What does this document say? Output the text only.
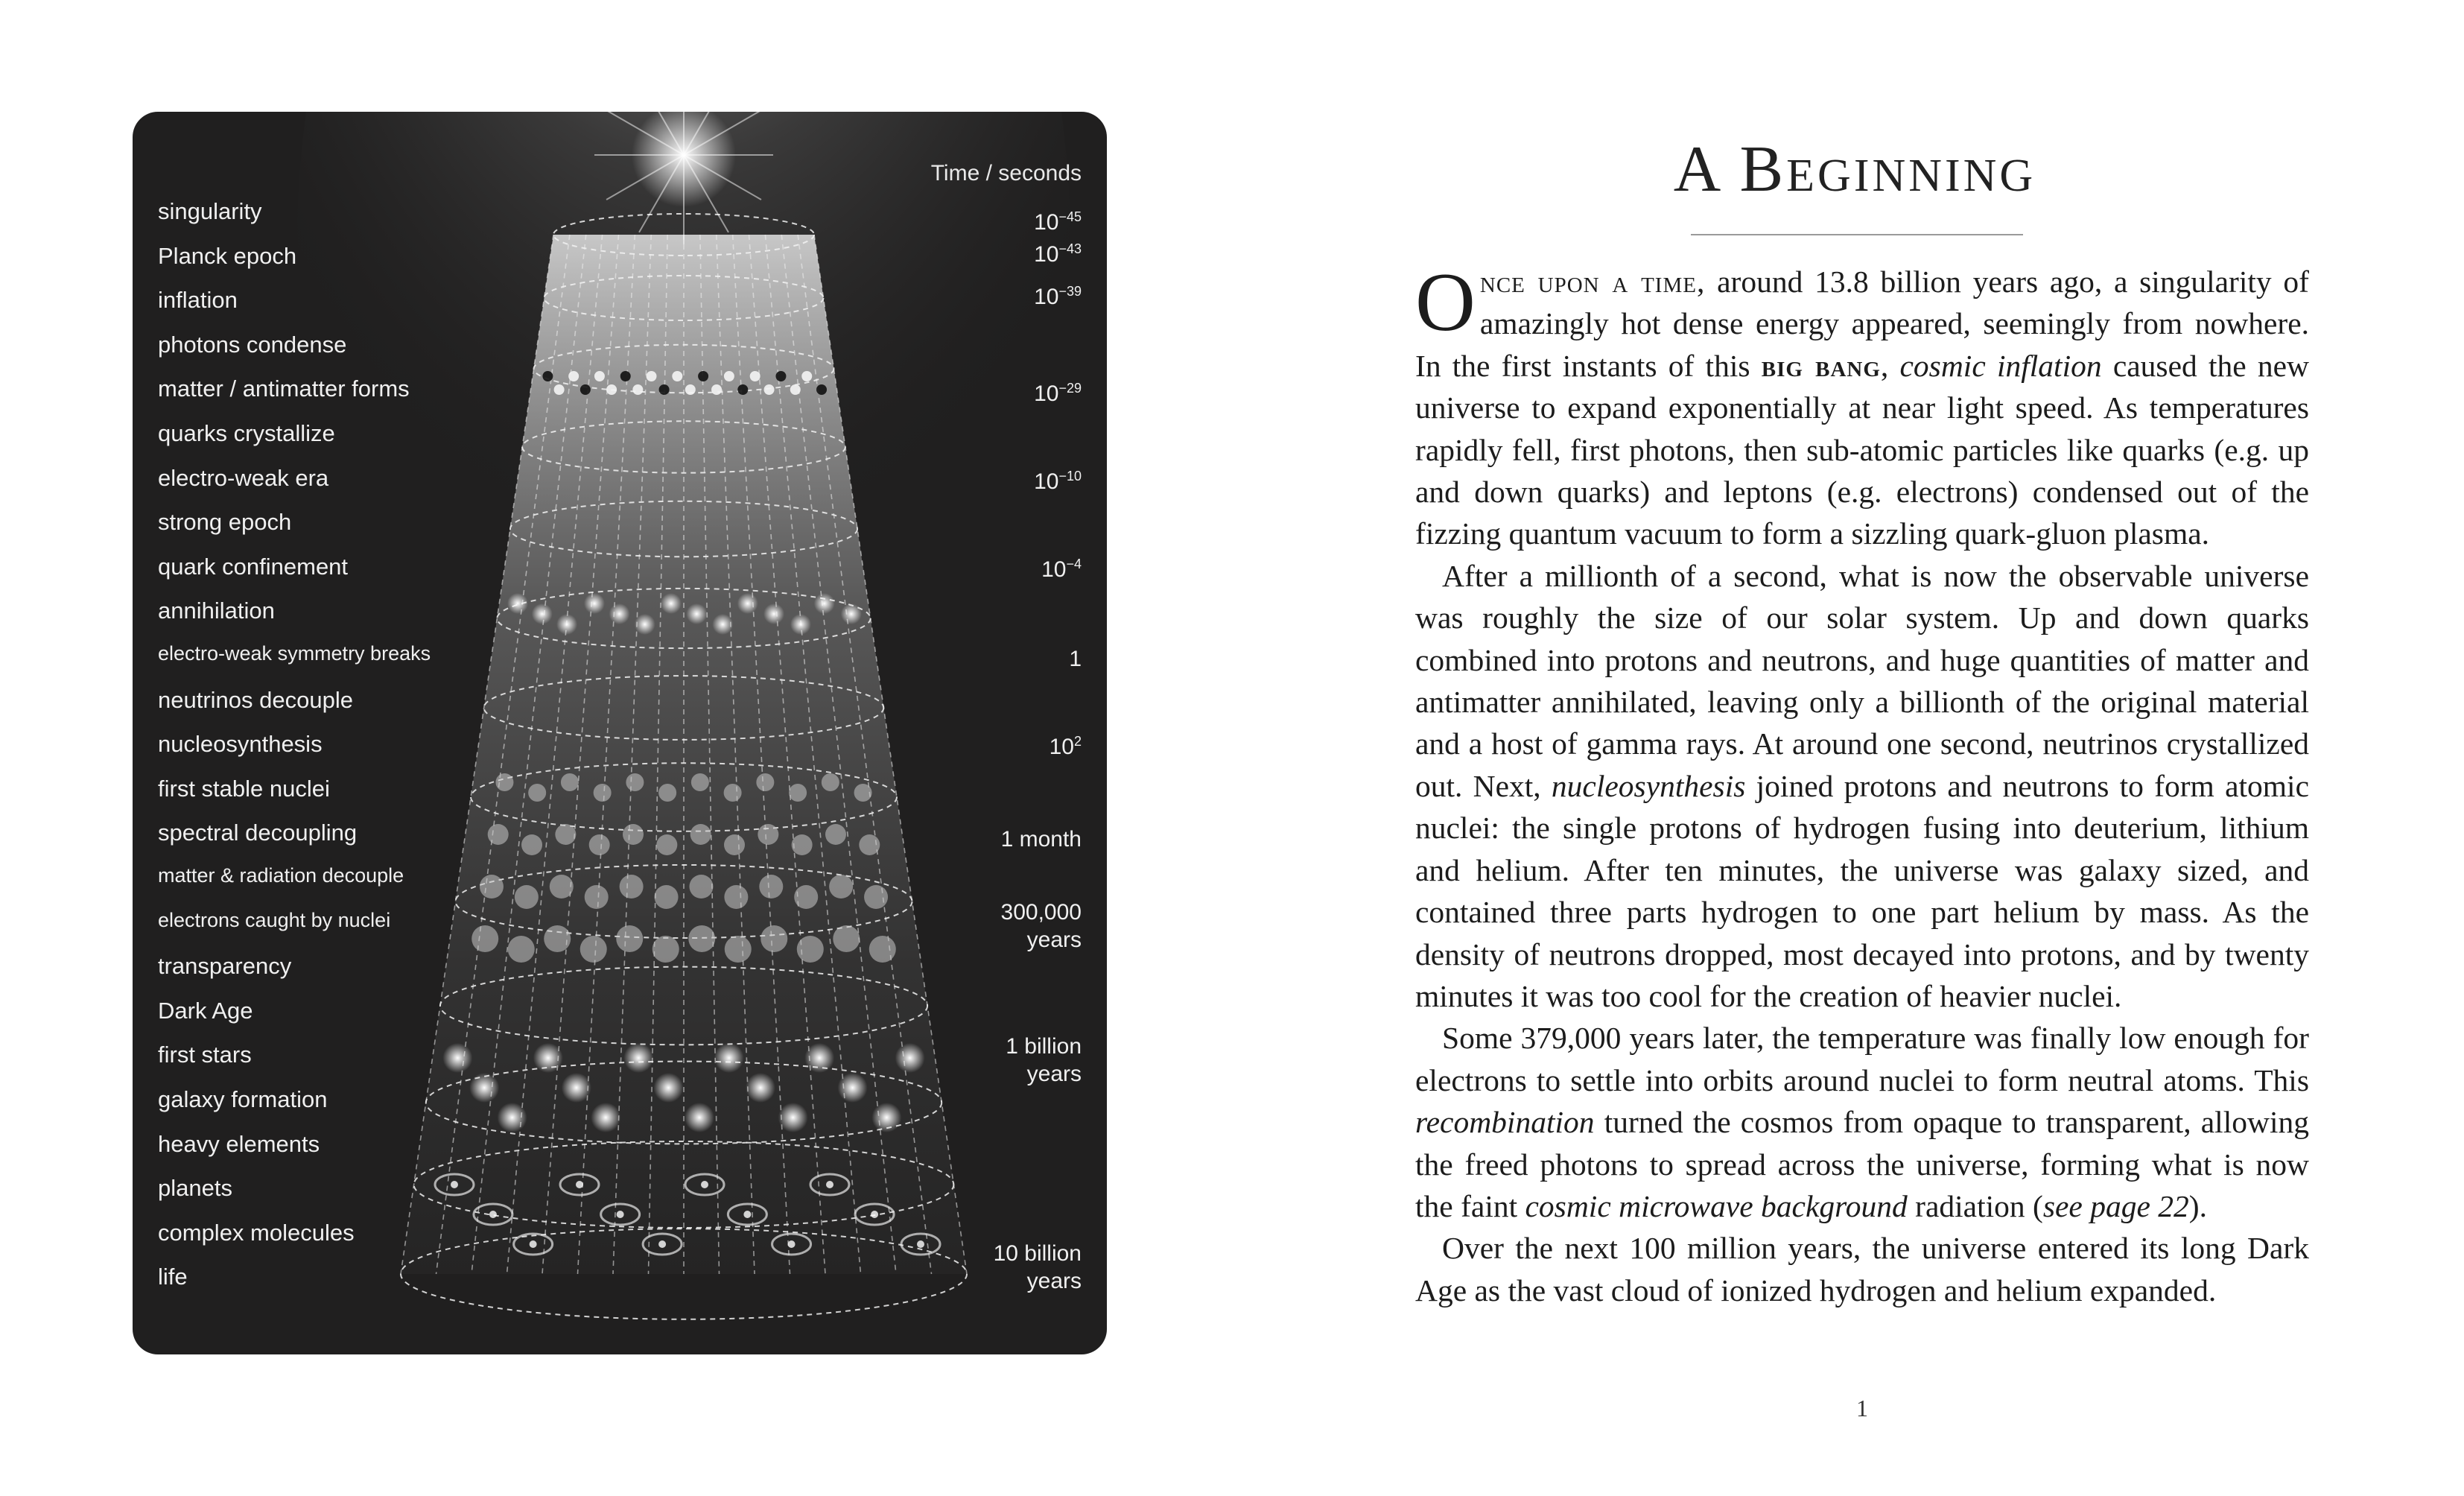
Time / seconds
singularity
Planck epoch
inflation
photons condense
matter / antimatter forms
quarks crystallize
electro-weak era
strong epoch
quark confinement
annihilation
electro-weak symmetry breaks
neutrinos decouple
nucleosynthesis
first stable nuclei
spectral decoupling
matter & radiation decouple
electrons caught by nuclei
transparency
Dark Age
first stars
galaxy formation
heavy elements
planets
complex molecules
life
$10^{-45}$
$10^{-43}$
$10^{-39}$
$10^{-29}$
$10^{-10}$
$10^{-4}$
1
$10^2$
1 month
300,000
years
1 billion
years
10 billion
years
A Beginning

Once upon a time, around 13.8 billion years ago, a singularity of amazingly hot dense energy appeared, seemingly from nowhere. In the first instants of this big bang, cosmic inflation caused the new universe to expand exponentially at near light speed. As temperatures rapidly fell, first photons, then sub-atomic particles like quarks (e.g. up and down quarks) and leptons (e.g. electrons) condensed out of the fizzing quantum vacuum to form a sizzling quark-gluon plasma.

After a millionth of a second, what is now the observable universe was roughly the size of our solar system. Up and down quarks combined into protons and neutrons, and huge quantities of matter and antimatter annihilated, leaving only a billionth of the original material and a host of gamma rays. At around one second, neutrinos crystallized out. Next, nucleosynthesis joined protons and neutrons to form atomic nuclei: the single protons of hydrogen fusing into deuterium, lithium and helium. After ten minutes, the universe was galaxy sized, and contained three parts hydrogen to one part helium by mass. As the density of neutrons dropped, most decayed into protons, and by twenty minutes it was too cool for the creation of heavier nuclei.

Some 379,000 years later, the temperature was finally low enough for electrons to settle into orbits around nuclei to form neutral atoms. This recombination turned the cosmos from opaque to transparent, allowing the freed photons to spread across the universe, forming what is now the faint cosmic microwave background radiation (see page 22).

Over the next 100 million years, the universe entered its long Dark Age as the vast cloud of ionized hydrogen and helium expanded.

1
